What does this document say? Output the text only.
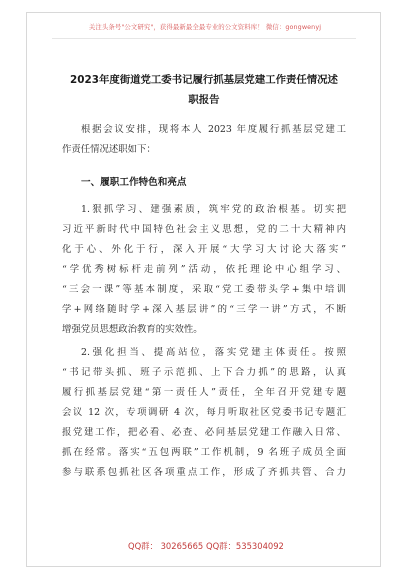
关注头条号"公文研究"，获得最新最全最专业的公文资料库！ 微信：gongwenyj
2023年度街道党工委书记履行抓基层党建工作责任情况述
职报告
根据会议安排，现将本人 2023 年度履行抓基层党建工
作责任情况述职如下：
一、履职工作特色和亮点
1.狠抓学习、建强素质，筑牢党的政治根基。切实把
习近平新时代中国特色社会主义思想，党的二十大精神内
化于心、外化于行，深入开展“大学习大讨论大落实”
“学优秀树标杆走前列”活动，依托理论中心组学习、
“三会一课”等基本制度，采取“党工委带头学+集中培训
学+网络随时学+深入基层讲”的“三学一讲”方式，不断
增强党员思想政治教育的实效性。
2.强化担当、提高站位，落实党建主体责任。按照
“书记带头抓、班子示范抓、上下合力抓”的思路，认真
履行抓基层党建“第一责任人”责任，全年召开党建专题
会议 12 次，专项调研 4 次，每月听取社区党委书记专题汇
报党建工作，把必看、必查、必问基层党建工作融入日常、
抓在经常。落实“五包两联”工作机制，9 名班子成员全面
参与联系包抓社区各项重点工作，形成了齐抓共管、合力
QQ群： 30265665 QQ群：535304092
